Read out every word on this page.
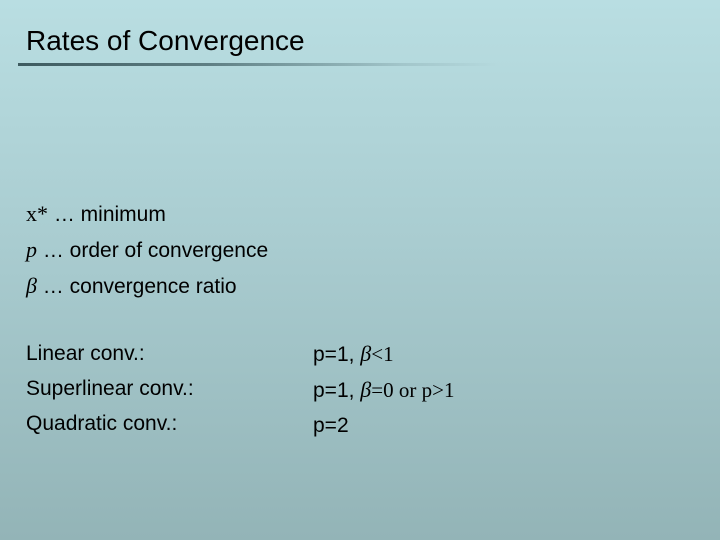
Rates of Convergence
x* … minimum
p … order of convergence
β … convergence ratio
Linear conv.:
Superlinear conv.:
Quadratic conv.:
p=1, β<1
p=1, β=0 or p>1
p=2
